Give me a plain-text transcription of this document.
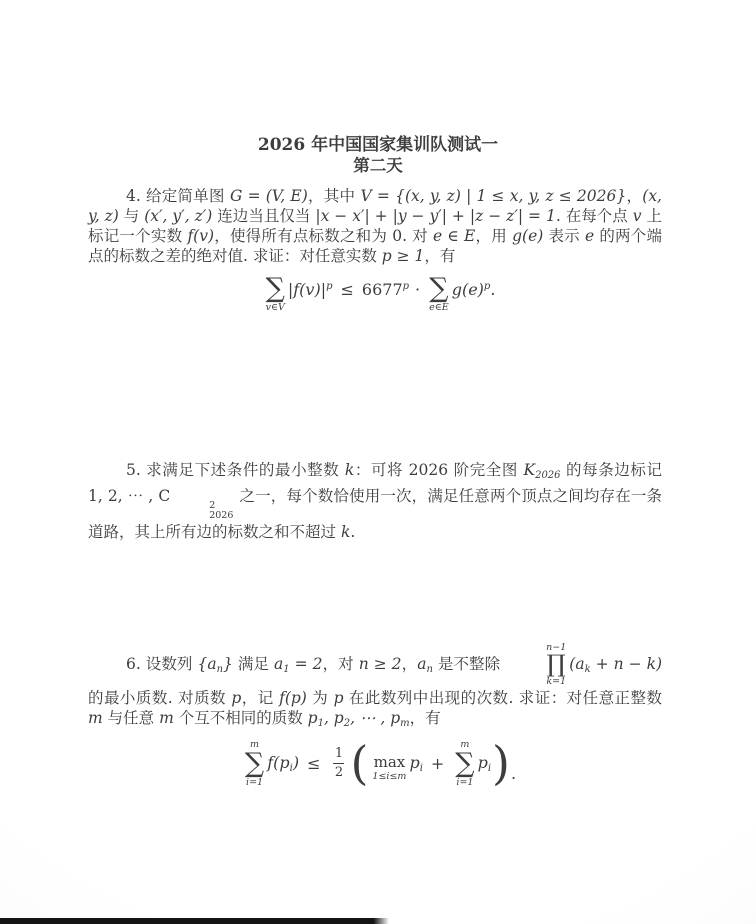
2026 年中国国家集训队测试一
第二天
4. 给定简单图 G = (V, E)，其中 V = {(x, y, z) | 1 ≤ x, y, z ≤ 2026}，(x, y, z) 与 (x′, y′, z′) 连边当且仅当 |x − x′| + |y − y′| + |z − z′| = 1. 在每个点 v 上标记一个实数 f(v)，使得所有点标数之和为 0. 对 e ∈ E，用 g(e) 表示 e 的两个端点的标数之差的绝对值. 求证：对任意实数 p ≥ 1，有
∑
v∈V
$|f(v)|^p \le 6677^p$ · ∑
e∈E
$g(e)^p$.
5. 求满足下述条件的最小整数 k：可将 2026 阶完全图 K2026 的每条边标记 1, 2, ⋯ , C
2
2026
之一，每个数恰使用一次，满足任意两个顶点之间均存在一条道路，其上所有边的标数之和不超过 k.
6. 设数列 {an} 满足 a1 = 2，对 n ≥ 2，an 是不整除
n−1
∏
k=1
(ak + n − k) 的最小质数. 对质数 p，记 f(p) 为 p 在此数列中出现的次数. 求证：对任意正整数 m 与任意 m 个互不相同的质数 p1, p2, ⋯ , pm，有
m
∑
i=1
$f(pi) \le \frac{1}{2}$ ( max
1≤i≤m
pi +
m
∑
i=1
pi ) .
